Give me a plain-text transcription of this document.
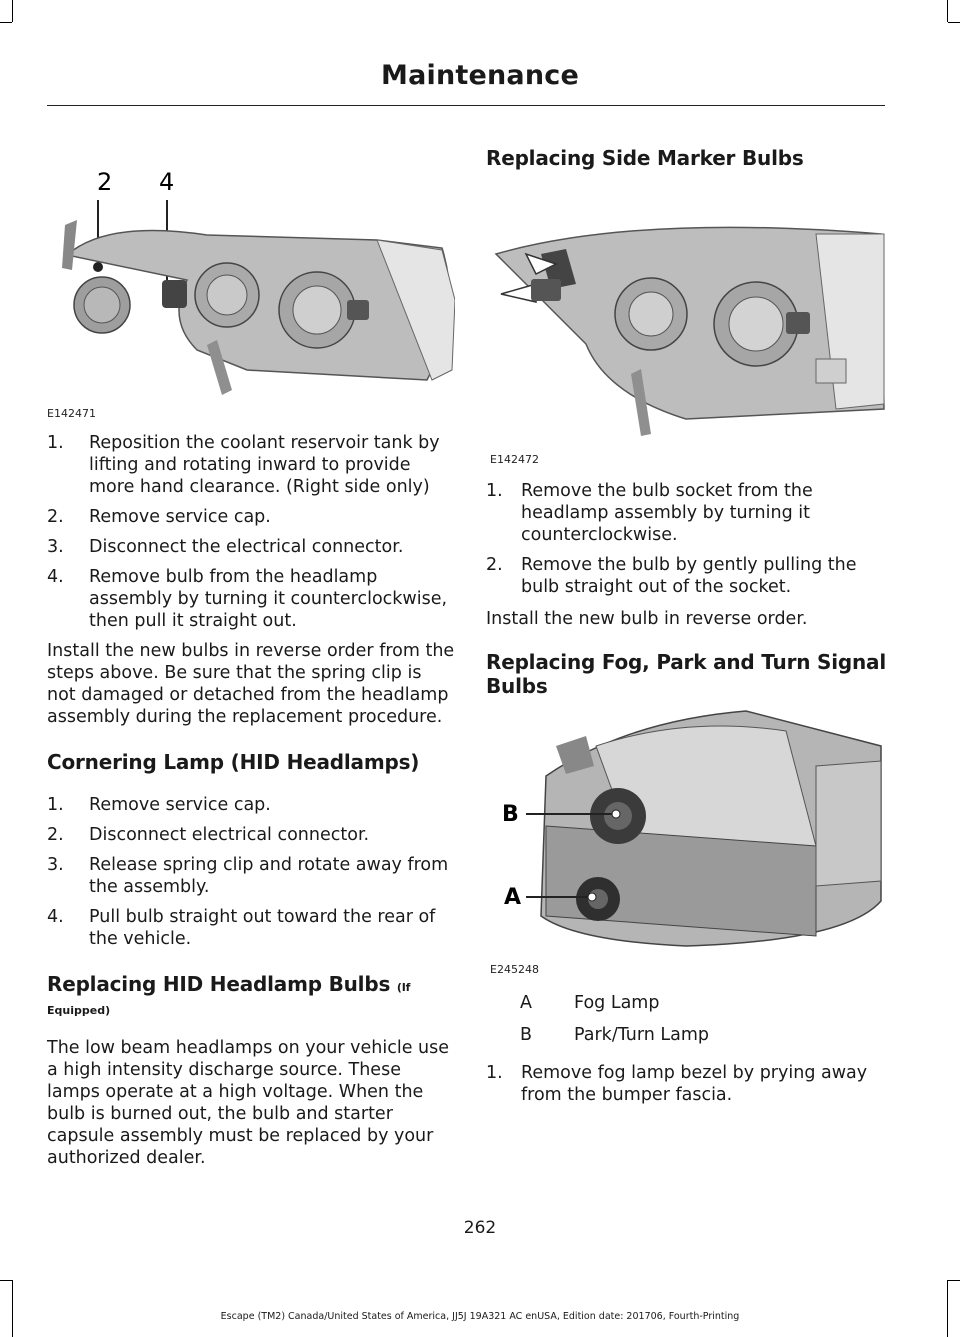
Maintenance
2 4
E142471
1. Reposition the coolant reservoir tank by lifting and rotating inward to provide more hand clearance. (Right side only)
2. Remove service cap.
3. Disconnect the electrical connector.
4. Remove bulb from the headlamp assembly by turning it counterclockwise, then pull it straight out.

Install the new bulbs in reverse order from the steps above. Be sure that the spring clip is not damaged or detached from the headlamp assembly during the replacement procedure.

Cornering Lamp (HID Headlamps)
1. Remove service cap.
2. Disconnect electrical connector.
3. Release spring clip and rotate away from the assembly.
4. Pull bulb straight out toward the rear of the vehicle.
Replacing HID Headlamp Bulbs (If
Equipped)

The low beam headlamps on your vehicle use a high intensity discharge source. These lamps operate at a high voltage. When the bulb is burned out, the bulb and starter capsule assembly must be replaced by your authorized dealer.

Replacing Side Marker Bulbs
E142472
1. Remove the bulb socket from the headlamp assembly by turning it counterclockwise.
2. Remove the bulb by gently pulling the bulb straight out of the socket.

Install the new bulb in reverse order.

Replacing Fog, Park and Turn Signal Bulbs
B
A
E245248
A	Fog Lamp
B	Park/Turn Lamp
1. Remove fog lamp bezel by prying away from the bumper fascia.
262
Escape (TM2) Canada/United States of America, JJ5J 19A321 AC enUSA, Edition date: 201706, Fourth-Printing
